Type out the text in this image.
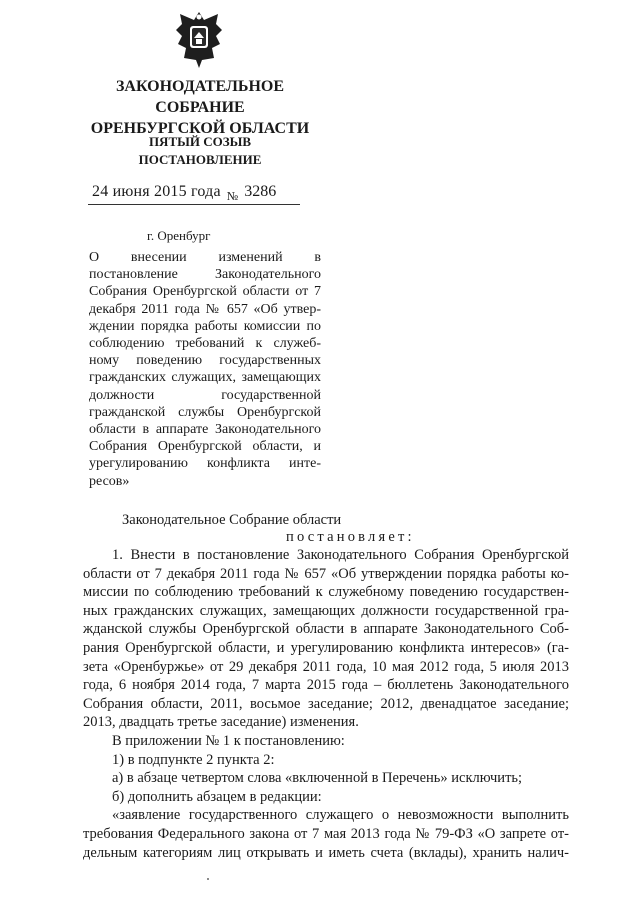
ЗАКОНОДАТЕЛЬНОЕ
СОБРАНИЕ
ОРЕНБУРГСКОЙ ОБЛАСТИ
ПЯТЫЙ СОЗЫВ
ПОСТАНОВЛЕНИЕ
24 июня 2015 года $_№$ 3286
г. Оренбург
О внесении изменений в постановление Законодательного Собрания Оренбургской области от 7 декабря 2011 года № 657 «Об утверждении порядка работы комиссии по соблюдению требований к служебному поведению государственных гражданских служащих, замещающих должности государственной гражданской службы Оренбургской области в аппарате Законодательного Собрания Оренбургской области, и урегулированию конфликта интересов»
Законодательное Собрание области
постановляет:

1. Внести в постановление Законодательного Собрания Оренбургской области от 7 декабря 2011 года № 657 «Об утверждении порядка работы комиссии по соблюдению требований к служебному поведению государственных гражданских служащих, замещающих должности государственной гражданской службы Оренбургской области в аппарате Законодательного Собрания Оренбургской области, и урегулированию конфликта интересов» (газета «Оренбуржье» от 29 декабря 2011 года, 10 мая 2012 года, 5 июля 2013 года, 6 ноября 2014 года, 7 марта 2015 года – бюллетень Законодательного Собрания области, 2011, восьмое заседание; 2012, двенадцатое заседание; 2013, двадцать третье заседание) изменения.

В приложении № 1 к постановлению:

1) в подпункте 2 пункта 2:

а) в абзаце четвертом слова «включенной в Перечень» исключить;

б) дополнить абзацем в редакции:

«заявление государственного служащего о невозможности выполнить требования Федерального закона от 7 мая 2013 года № 79-ФЗ «О запрете отдельным категориям лиц открывать и иметь счета (вклады), хранить налич-
